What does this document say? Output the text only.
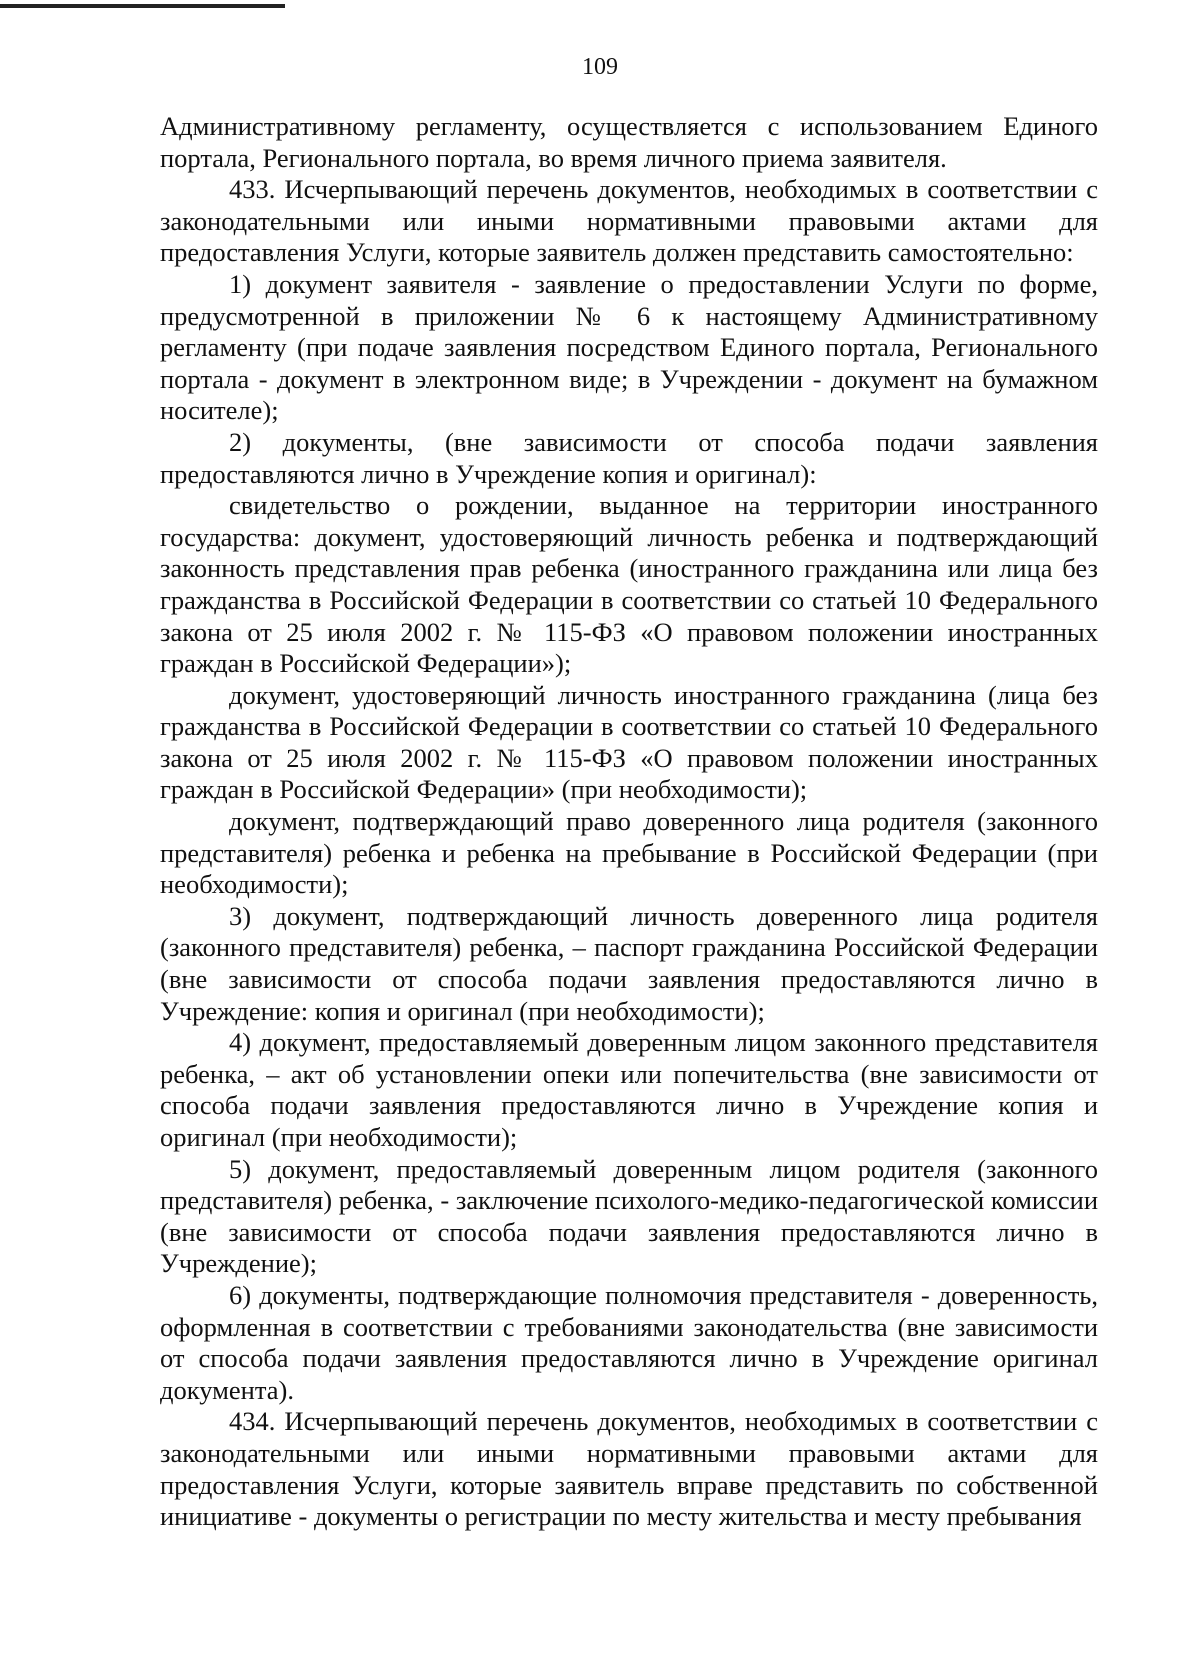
109

Административному регламенту, осуществляется с использованием Единого портала, Регионального портала, во время личного приема заявителя.

433. Исчерпывающий перечень документов, необходимых в соответствии с законодательными или иными нормативными правовыми актами для предоставления Услуги, которые заявитель должен представить самостоятельно:

1) документ заявителя - заявление о предоставлении Услуги по форме, предусмотренной в приложении № 6 к настоящему Административному регламенту (при подаче заявления посредством Единого портала, Регионального портала - документ в электронном виде; в Учреждении - документ на бумажном носителе);

2) документы, (вне зависимости от способа подачи заявления предоставляются лично в Учреждение копия и оригинал):

свидетельство о рождении, выданное на территории иностранного государства: документ, удостоверяющий личность ребенка и подтверждающий законность представления прав ребенка (иностранного гражданина или лица без гражданства в Российской Федерации в соответствии со статьей 10 Федерального закона от 25 июля 2002 г. № 115-ФЗ «О правовом положении иностранных граждан в Российской Федерации»);

документ, удостоверяющий личность иностранного гражданина (лица без гражданства в Российской Федерации в соответствии со статьей 10 Федерального закона от 25 июля 2002 г. № 115-ФЗ «О правовом положении иностранных граждан в Российской Федерации» (при необходимости);

документ, подтверждающий право доверенного лица родителя (законного представителя) ребенка и ребенка на пребывание в Российской Федерации (при необходимости);

3) документ, подтверждающий личность доверенного лица родителя (законного представителя) ребенка, – паспорт гражданина Российской Федерации (вне зависимости от способа подачи заявления предоставляются лично в Учреждение: копия и оригинал (при необходимости);

4) документ, предоставляемый доверенным лицом законного представителя ребенка, – акт об установлении опеки или попечительства (вне зависимости от способа подачи заявления предоставляются лично в Учреждение копия и оригинал (при необходимости);

5) документ, предоставляемый доверенным лицом родителя (законного представителя) ребенка, - заключение психолого-медико-педагогической комиссии (вне зависимости от способа подачи заявления предоставляются лично в Учреждение);

6) документы, подтверждающие полномочия представителя - доверенность, оформленная в соответствии с требованиями законодательства (вне зависимости от способа подачи заявления предоставляются лично в Учреждение оригинал документа).

434. Исчерпывающий перечень документов, необходимых в соответствии с законодательными или иными нормативными правовыми актами для предоставления Услуги, которые заявитель вправе представить по собственной инициативе - документы о регистрации по месту жительства и месту пребывания
